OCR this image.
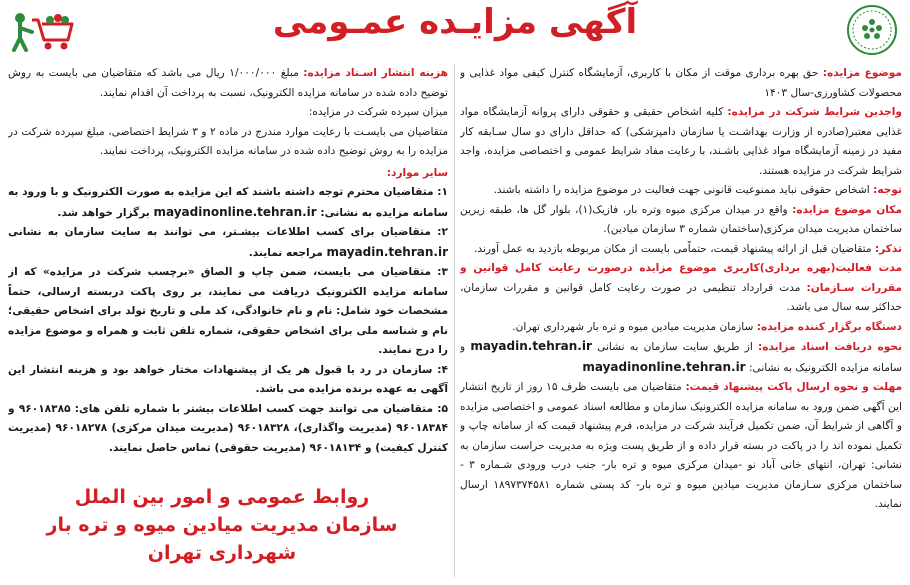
آگهی مزایـده عمـومی

موضوع مزایده: حق بهره برداری موقت از مکان با کاربری، آزمایشگاه کنترل کیفی مواد غذایی و محصولات کشاورزی-سال ۱۴۰۳

واجدین شرایط شرکت در مزایده: کلیه اشخاص حقیقی و حقوقی دارای پروانه آزمایشگاه مواد غذایی معتبر(صادره از وزارت بهداشـت یا سازمان دامپزشکی) که حداقل دارای دو سال سـابقه کار مفید در زمینه آزمایشگاه مواد غذایی باشـند، با رعایت مفاد شرایط عمومی و اختصاصی مزایده، واجد شرایط شرکت در مزایده هستند.

توجه: اشخاص حقوقی نباید ممنوعیت قانونی جهت فعالیت در موضوع مزایده را داشته باشند.

مکان موضوع مزایده: واقع در میدان مرکزی میوه وتره بار، فازیک(۱)، بلوار گل ها، طبقه زیرین ساختمان مدیریت میدان مرکزی(ساختمان شماره ۳ سازمان میادین).

تذکر: متقاضیان قبل از ارائه پیشنهاد قیمت، حتماًمی بایست از مکان مربوطه بازدید به عمل آورند.

مدت فعالیت(بهره برداری)کاربری موضوع مزایده درصورت رعایت کامل قوانین و مقررات سـازمان: مدت قرارداد تنظیمی در صورت رعایت کامل قوانین و مقررات سازمان، حداکثر سه سال می باشد.

دستگاه برگزار کننده مزایده: سازمان مدیریت میادین میوه و تره بار شهرداری تهران.

نحوه دریافت اسناد مزایده: از طریق سایت سازمان به نشانی mayadin.tehran.ir و سامانه مزایده الکترونیک به نشانی: mayadinonline.tehran.ir

مهلت و نحوه ارسال پاکت پیشنهاد قیمت: متقاضیان می بایست ظرف ۱۵ روز از تاریخ انتشار این آگهی ضمن ورود به سامانه مزایده الکترونیک سازمان و مطالعه اسناد عمومی و اختصاصی مزایده و آگاهی از شرایط آن، ضمن تکمیل فرآیند شرکت در مزایده، فرم پیشنهاد قیمت که از سامانه چاپ و تکمیل نموده اند را در پاکت در بسته قرار داده و از طریق پست ویژه به مدیریت حراست سازمان به نشانی: تهران، انتهای خانی آباد نو -میدان مرکزی میوه و تره بار- جنب درب ورودی شـماره ۳ - ساختمان مرکزی سـازمان مدیریت میادین میوه و تره بار- کد پستی شماره ۱۸۹۷۳۷۴۵۸۱ ارسال نمایند.

هزینه انتشار اسـناد مزایده: مبلغ ۱/۰۰۰/۰۰۰ ریال می باشد که متقاضیان می بایست به روش توضیح داده شده در سامانه مزایده الکترونیک، نسبت به پرداخت آن اقدام نمایند.

میزان سپرده شرکت در مزایده:

متقاضیان می بایسـت با رعایت موارد مندرج در ماده ۲ و ۳ شرایط اختصاصی، مبلغ سپرده شرکت در مزایده را به روش توضیح داده شده در سامانه مزایده الکترونیک، پرداخت نمایند.

سایر موارد:

۱: متقاضیان محترم توجه داشته باشند که این مزایده به صورت الکترونیک و با ورود به سامانه مزایده به نشانی: mayadinonline.tehran.ir برگزار خواهد شد.

۲: متقاضیان برای کسب اطلاعات بیشـتر، می توانند به سایت سازمان به نشانی mayadin.tehran.ir مراجعه نمایند.

۳: متقاضیان می بایست، ضمن چاپ و الصاق «برچسب شرکت در مزایده» که از سامانه مزایده الکترونیک دریافت می نمایند، بر روی پاکت دربسته ارسالی، حتماً مشخصات خود شامل: نام و نام خانوادگی، کد ملی و تاریخ تولد برای اشخاص حقیقی؛ نام و شناسه ملی برای اشخاص حقوقی، شماره تلفن ثابت و همراه و موضوع مزایده را درج نمایند.

۴: سازمان در رد یا قبول هر یک از پیشنهادات مختار خواهد بود و هزینه انتشار این آگهی به عهده برنده مزایده می باشد.

۵: متقاضیان می توانند جهت کسب اطلاعات بیشتر با شماره تلفن های: ۹۶۰۱۸۳۸۵ و ۹۶۰۱۸۳۸۴ (مدیریت واگذاری)، ۹۶۰۱۸۳۲۸ (مدیریت میدان مرکزی) ۹۶۰۱۸۲۷۸ (مدیریت کنترل کیفیت) و ۹۶۰۱۸۱۳۴ (مدیریت حقوقی) تماس حاصل نمایند.

روابط عمومی و امور بین الملل
سازمان مدیریت میادین میوه و تره بار شهرداری تهران
